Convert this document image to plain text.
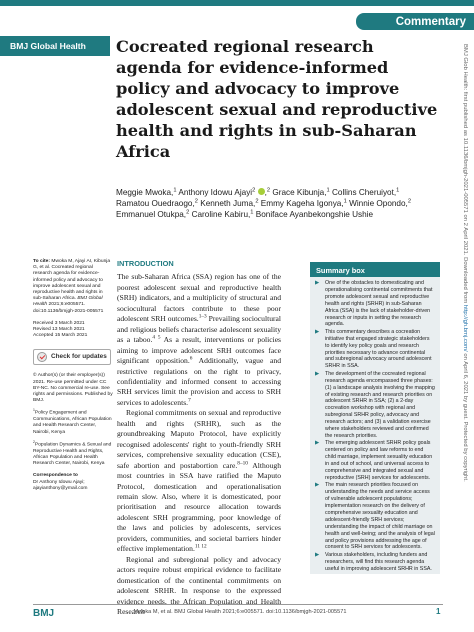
Commentary
BMJ Global Health	Cocreated regional research agenda for evidence-informed policy and advocacy to improve adolescent sexual and reproductive health and rights in sub-Saharan Africa
Meggie Mwoka,$^1$ Anthony Idowu Ajayi$^2$ ,$^2$ Grace Kibunja,$^1$ Collins Cheruiyot,$^1$
Ramatou Ouedraogo,$^2$ Kenneth Juma,$^2$ Emmy Kageha Igonya,$^1$ Winnie Opondo,$^2$
Emmanuel Otukpa,$^2$ Caroline Kabiru,$^1$ Boniface Ayanbekongshie Ushie

To cite: Mwoka M, Ajayi AI, Kibunja G, et al. Cocreated regional research agenda for evidence-informed policy and advocacy to improve adolescent sexual and reproductive health and rights in sub-Saharan Africa. BMJ Global Health 2021;6:e005571. doi:10.1136/bmjgh-2021-005571

Received 3 March 2021
Revised 13 March 2021
Accepted 15 March 2021

Check for updates

© Author(s) (or their employer(s)) 2021. Re-use permitted under CC BY-NC. No commercial re-use. See rights and permissions. Published by BMJ.

$^1$Policy Engagement and Communications, African Population and Health Research Center, Nairobi, Kenya

$^2$Population Dynamics & Sexual and Reproductive Health and Rights, African Population and Health Research Center, Nairobi, Kenya

Correspondence to
Dr Anthony Idowu Ajayi;
ajayianthony@ymail.com

INTRODUCTION

The sub-Saharan Africa (SSA) region has one of the poorest adolescent sexual and reproductive health (SRH) indicators, and a multiplicity of structural and sociocultural factors contribute to these poor adolescent SRH outcomes.$^{1-3}$ Prevailing sociocultural and religious beliefs characterise adolescent sexuality as a taboo.$^{4 5}$ As a result, interventions or policies aiming to improve adolescent SRH outcomes face significant opposition.$^6$ Additionally, vague and restrictive regulations on the right to privacy, confidentiality and informed consent to accessing SRH services limit the provision and access to SRH services to adolescents.$^7$

Regional commitments on sexual and reproductive health and rights (SRHR), such as the groundbreaking Maputo Protocol, have explicitly recognised adolescents' right to youth-friendly SRH services, comprehensive sexuality education (CSE), safe abortion and postabortion care.$^{8-10}$ Although most countries in SSA have ratified the Maputo Protocol, domestication and operationalisation remain slow. Also, where it is domesticated, poor prioritisation and resource allocation towards adolescent SRH programming, poor knowledge of the laws and policies by adolescents, services providers, communities, and societal barriers hinder effective implementation.$^{11 12}$

Regional and subregional policy and advocacy actors require robust empirical evidence to facilitate domestication of the continental commitments on adolescent SRHR. In response to the expressed evidence needs, the African Population and Health Research

Summary box
▶ One of the obstacles to domesticating and operationalising continental commitments that promote adolescent sexual and reproductive health and rights (SRHR) in sub-Saharan Africa (SSA) is the lack of stakeholder-driven research or inputs in setting the research agenda.
▶ This commentary describes a cocreation initiative that engaged strategic stakeholders to identify key policy goals and research priorities necessary to advance continental and subregional advocacy around adolescent SRHR in SSA.
▶ The development of the cocreated regional research agenda encompassed three phases: (1) a landscape analysis involving the mapping of existing research and research priorities on adolescent SRHR in SSA; (2) a 2-day cocreation workshop with regional and subregional SRHR policy, advocacy and research actors; and (3) a validation exercise where stakeholders reviewed and confirmed the research priorities.
▶ The emerging adolescent SRHR policy goals centered on policy and law reforms to end child marriage, implement sexuality education in and out of school, and universal access to comprehensive and integrated sexual and reproductive (SRH) services for adolescents.
▶ The main research priorities focused on understanding the needs and service access of vulnerable adolescent populations; implementation research on the delivery of comprehensive sexuality education and adolescent-friendly SRH services; understanding the impact of child marriage on health and well-being; and the analysis of legal and policy provisions addressing the age of consent to SRH services for adolescents.
▶ Various stakeholders, including funders and researchers, will find this research agenda useful in improving adolescent SRHR in SSA.
BMJ Glob Health: first published as 10.1136/bmjgh-2021-005571 on 2 April 2021. Downloaded from http://gh.bmj.com/ on April 6, 2021 by guest. Protected by copyright.
BMJ	Mwoka M, et al. BMJ Global Health 2021;6:e005571. doi:10.1136/bmjgh-2021-005571	1
